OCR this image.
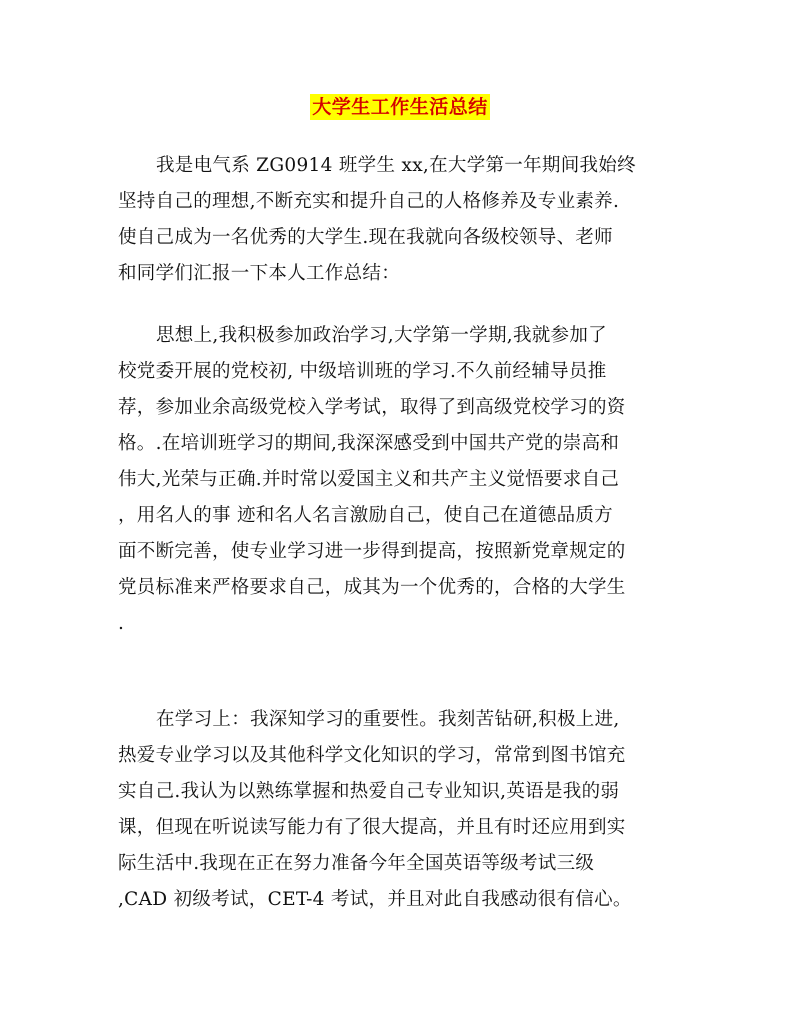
大学生工作生活总结

我是电气系 ZG0914 班学生 xx,在大学第一年期间我始终
坚持自己的理想,不断充实和提升自己的人格修养及专业素养.
使自己成为一名优秀的大学生.现在我就向各级校领导、老师
和同学们汇报一下本人工作总结：

思想上,我积极参加政治学习,大学第一学期,我就参加了
校党委开展的党校初, 中级培训班的学习.不久前经辅导员推
荐，参加业余高级党校入学考试，取得了到高级党校学习的资
格。.在培训班学习的期间,我深深感受到中国共产党的崇高和
伟大,光荣与正确.并时常以爱国主义和共产主义觉悟要求自己
，用名人的事 迹和名人名言激励自己，使自己在道德品质方
面不断完善，使专业学习进一步得到提高，按照新党章规定的
党员标准来严格要求自己，成其为一个优秀的，合格的大学生
.

在学习上：我深知学习的重要性。我刻苦钻研,积极上进,
热爱专业学习以及其他科学文化知识的学习，常常到图书馆充
实自己.我认为以熟练掌握和热爱自己专业知识,英语是我的弱
课，但现在听说读写能力有了很大提高，并且有时还应用到实
际生活中.我现在正在努力准备今年全国英语等级考试三级
,CAD 初级考试，CET-4 考试，并且对此自我感动很有信心。
